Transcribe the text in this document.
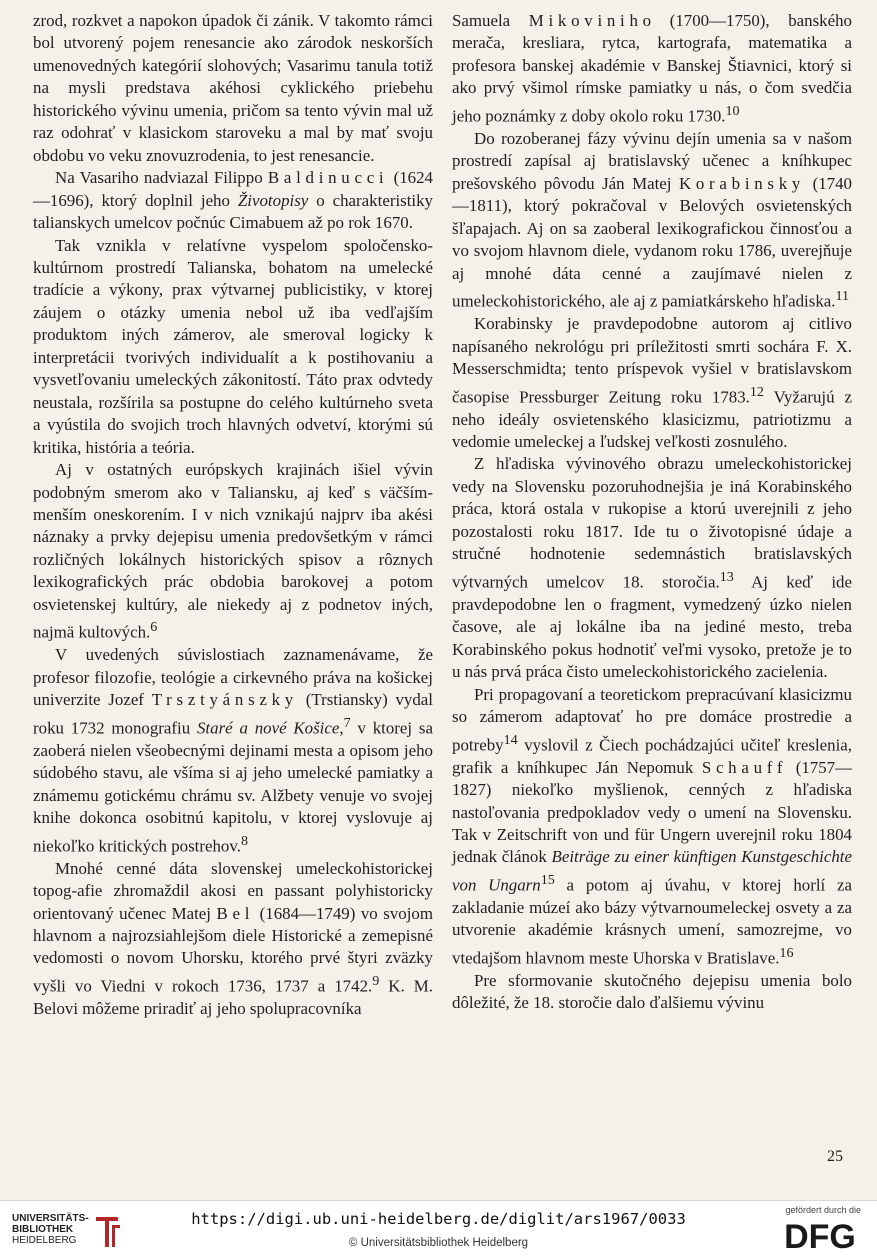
zrod, rozkvet a napokon úpadok či zánik. V takomto rámci bol utvorený pojem renesancie ako zárodok neskorších umenovedných kategórií slohových; Vasarimu tanula totiž na mysli predstava akéhosi cyklického priebehu historického vývinu umenia, pričom sa tento vývin mal už raz odohrať v klasickom staroveku a mal by mať svoju obdobu vo veku znovuzrodenia, to jest renesancie.

Na Vasariho nadviazal Filippo Baldinucci (1624—1696), ktorý doplnil jeho Životopisy o charakteristiky talianskych umelcov počnúc Cimabuem až po rok 1670.

Tak vznikla v relatívne vyspelom spoločensko-kultúrnom prostredí Talianska, bohatom na umelecké tradície a výkony, prax výtvarnej publicistiky, v ktorej záujem o otázky umenia nebol už iba vedľajším produktom iných zámerov, ale smeroval logicky k interpretácii tvorivých individualít a k postihovaniu a vysvetľovaniu umeleckých zákonitostí. Táto prax odvtedy neustala, rozšírila sa postupne do celého kultúrneho sveta a vyústila do svojich troch hlavných odvetví, ktorými sú kritika, história a teória.

Aj v ostatných európskych krajinách išiel vývin podobným smerom ako v Taliansku, aj keď s väčším-menším oneskorením. I v nich vznikajú najprv iba akési náznaky a prvky dejepisu umenia predovšetkým v rámci rozličných lokálnych historických spisov a rôznych lexikografických prác obdobia barokovej a potom osvietenskej kultúry, ale niekedy aj z podnetov iných, najmä kultových.$^6$

V uvedených súvislostiach zaznamenávame, že profesor filozofie, teológie a cirkevného práva na košickej univerzite Jozef Trsztyánszky (Trstiansky) vydal roku 1732 monografiu Staré a nové Košice,$^7$ v ktorej sa zaoberá nielen všeobecnými dejinami mesta a opisom jeho súdobého stavu, ale všíma si aj jeho umelecké pamiatky a známemu gotickému chrámu sv. Alžbety venuje vo svojej knihe dokonca osobitnú kapitolu, v ktorej vyslovuje aj niekoľko kritických postrehov.$^8$

Mnohé cenné dáta slovenskej umeleckohistorickej topog-afie zhromaždil akosi en passant polyhistoricky orientovaný učenec Matej Bel (1684—1749) vo svojom hlavnom a najrozsiahlejšom diele Historické a zemepisné vedomosti o novom Uhorsku, ktorého prvé štyri zväzky vyšli vo Viedni v rokoch 1736, 1737 a 1742.$^9$ K. M. Belovi môžeme priradiť aj jeho spolupracovníka

Samuela Mikoviniho (1700—1750), banského merača, kresliara, rytca, kartografa, matematika a profesora banskej akadémie v Banskej Štiavnici, ktorý si ako prvý všimol rímske pamiatky u nás, o čom svedčia jeho poznámky z doby okolo roku 1730.10

Do rozoberanej fázy vývinu dejín umenia sa v našom prostredí zapísal aj bratislavský učenec a kníhkupec prešovského pôvodu Ján Matej Korabinsky (1740—1811), ktorý pokračoval v Belových osvietenských šľapajach. Aj on sa zaoberal lexikografickou činnosťou a vo svojom hlavnom diele, vydanom roku 1786, uverejňuje aj mnohé dáta cenné a zaujímavé nielen z umeleckohistorického, ale aj z pamiatkárskeho hľadiska.$^{11}$

Korabinsky je pravdepodobne autorom aj citlivo napísaného nekrológu pri príležitosti smrti sochára F. X. Messerschmidta; tento príspevok vyšiel v bratislavskom časopise Pressburger Zeitung roku 1783.12 Vyžarujú z neho ideály osvietenského klasicizmu, patriotizmu a vedomie umeleckej a ľudskej veľkosti zosnulého.

Z hľadiska vývinového obrazu umeleckohistorickej vedy na Slovensku pozoruhodnejšia je iná Korabinského práca, ktorá ostala v rukopise a ktorú uverejnili z jeho pozostalosti roku 1817. Ide tu o životopisné údaje a stručné hodnotenie sedemnástich bratislavských výtvarných umelcov 18. storočia.$^{13}$ Aj keď ide pravdepodobne len o fragment, vymedzený úzko nielen časove, ale aj lokálne iba na jediné mesto, treba Korabinského pokus hodnotiť veľmi vysoko, pretože je to u nás prvá práca čisto umeleckohistorického zacielenia.

Pri propagovaní a teoretickom prepracúvaní klasicizmu so zámerom adaptovať ho pre domáce prostredie a potreby$^{14}$ vyslovil z Čiech pochádzajúci učiteľ kreslenia, grafik a kníhkupec Ján Nepomuk Schauff (1757—1827) niekoľko myšlienok, cenných z hľadiska nastoľovania predpokladov vedy o umení na Slovensku. Tak v Zeitschrift von und für Ungern uverejnil roku 1804 jednak článok Beiträge zu einer künftigen Kunstgeschichte von Ungarn$^{15}$ a potom aj úvahu, v ktorej horlí za zakladanie múzeí ako bázy výtvarnoumeleckej osvety a za utvorenie akadémie krásnych umení, samozrejme, vo vtedajšom hlavnom meste Uhorska v Bratislave.$^{16}$

Pre sformovanie skutočného dejepisu umenia bolo dôležité, že 18. storočie dalo ďalšiemu vývinu

25
UNIVERSITÄTS-
BIBLIOTHEK
HEIDELBERG
https://digi.ub.uni-heidelberg.de/diglit/ars1967/0033
© Universitätsbibliothek Heidelberg
gefördert durch die
DFG
